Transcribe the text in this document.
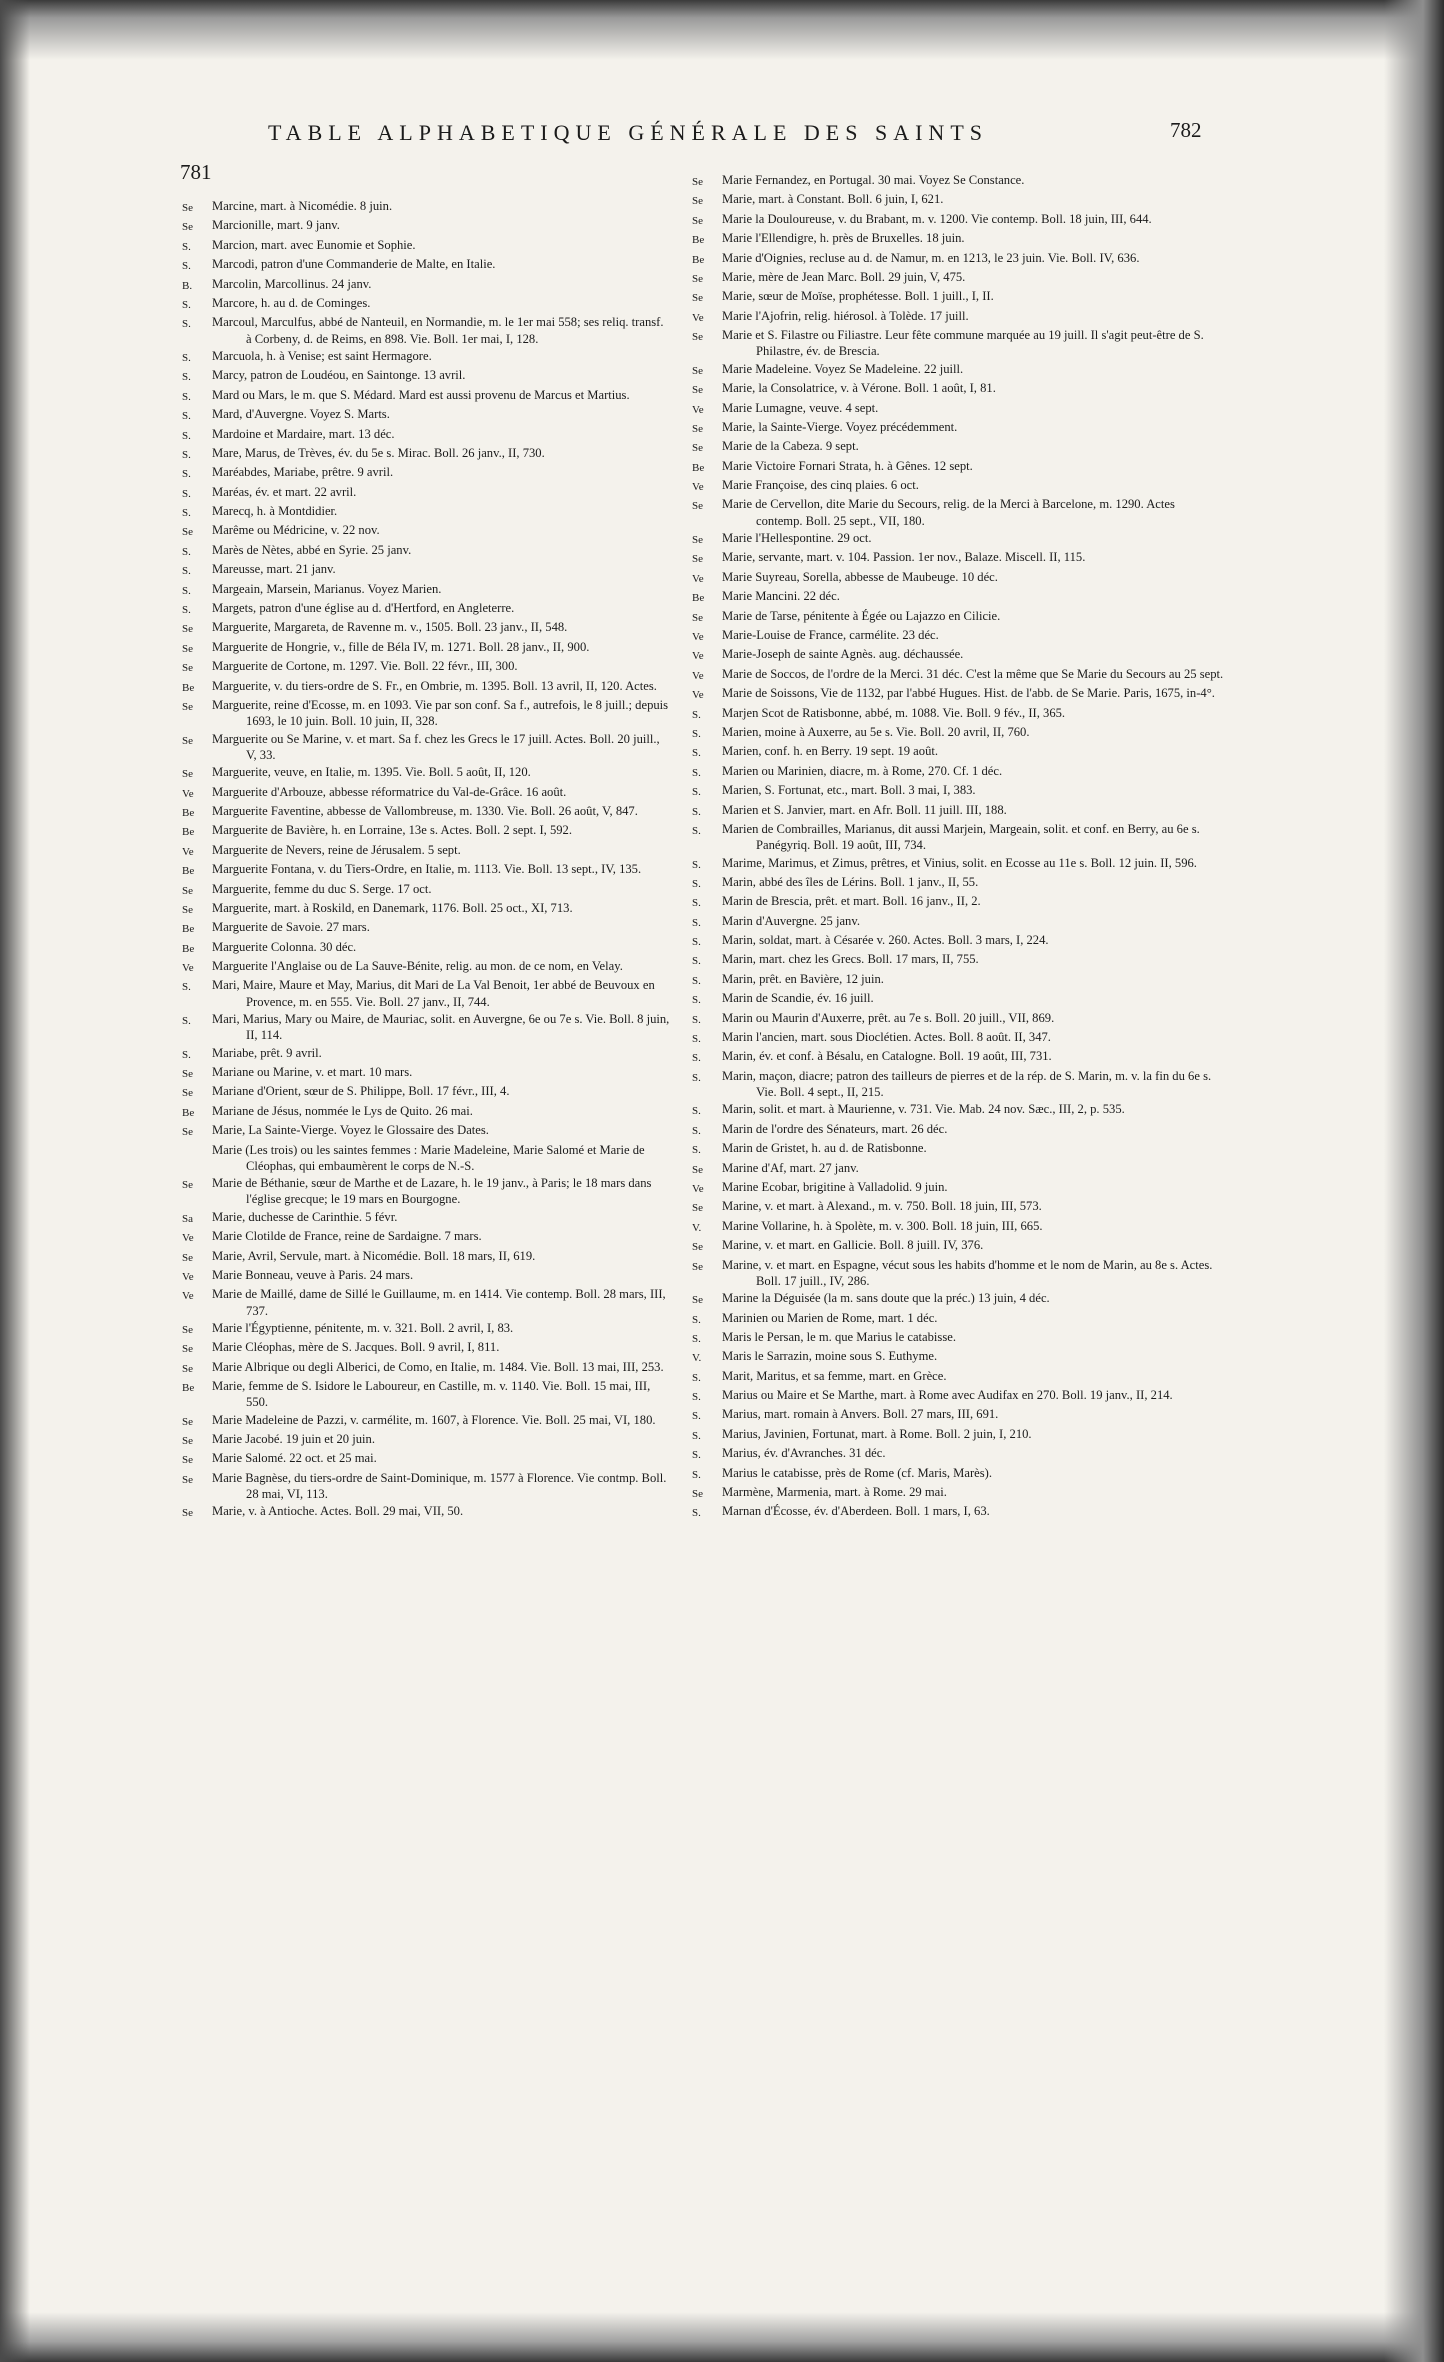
781
TABLE ALPHABETIQUE GÉNÉRALE DES SAINTS	782
Se	Marcine, mart. à Nicomédie. 8 juin.
Se	Marcionille, mart. 9 janv.
S.	Marcion, mart. avec Eunomie et Sophie.
S.	Marcodi, patron d'une Commanderie de Malte, en Italie.
B.	Marcolin, Marcollinus. 24 janv.
S.	Marcore, h. au d. de Cominges.
S.	Marcoul, Marculfus, abbé de Nanteuil, en Normandie, m. le 1er mai 558; ses reliq. transf. à Corbeny, d. de Reims, en 898. Vie. Boll. 1er mai, I, 128.
S.	Marcuola, h. à Venise; est saint Hermagore.
S.	Marcy, patron de Loudéou, en Saintonge. 13 avril.
S.	Mard ou Mars, le m. que S. Médard. Mard est aussi provenu de Marcus et Martius.
S.	Mard, d'Auvergne. Voyez S. Marts.
S.	Mardoine et Mardaire, mart. 13 déc.
S.	Mare, Marus, de Trèves, év. du 5e s. Mirac. Boll. 26 janv., II, 730.
S.	Maréabdes, Mariabe, prêtre. 9 avril.
S.	Maréas, év. et mart. 22 avril.
S.	Marecq, h. à Montdidier.
Se	Marême ou Médricine, v. 22 nov.
S.	Marès de Nètes, abbé en Syrie. 25 janv.
S.	Mareusse, mart. 21 janv.
S.	Margeain, Marsein, Marianus. Voyez Marien.
S.	Margets, patron d'une église au d. d'Hertford, en Angleterre.
Se	Marguerite, Margareta, de Ravenne m. v., 1505. Boll. 23 janv., II, 548.
Se	Marguerite de Hongrie, v., fille de Béla IV, m. 1271. Boll. 28 janv., II, 900.
Se	Marguerite de Cortone, m. 1297. Vie. Boll. 22 févr., III, 300.
Be	Marguerite, v. du tiers-ordre de S. Fr., en Ombrie, m. 1395. Boll. 13 avril, II, 120. Actes.
Se	Marguerite, reine d'Ecosse, m. en 1093. Vie par son conf. Sa f., autrefois, le 8 juill.; depuis 1693, le 10 juin. Boll. 10 juin, II, 328.
Se	Marguerite ou Se Marine, v. et mart. Sa f. chez les Grecs le 17 juill. Actes. Boll. 20 juill., V, 33.
Se	Marguerite, veuve, en Italie, m. 1395. Vie. Boll. 5 août, II, 120.
Ve	Marguerite d'Arbouze, abbesse réformatrice du Val-de-Grâce. 16 août.
Be	Marguerite Faventine, abbesse de Vallombreuse, m. 1330. Vie. Boll. 26 août, V, 847.
Be	Marguerite de Bavière, h. en Lorraine, 13e s. Actes. Boll. 2 sept. I, 592.
Ve	Marguerite de Nevers, reine de Jérusalem. 5 sept.
Be	Marguerite Fontana, v. du Tiers-Ordre, en Italie, m. 1113. Vie. Boll. 13 sept., IV, 135.
Se	Marguerite, femme du duc S. Serge. 17 oct.
Se	Marguerite, mart. à Roskild, en Danemark, 1176. Boll. 25 oct., XI, 713.
Be	Marguerite de Savoie. 27 mars.
Be	Marguerite Colonna. 30 déc.
Ve	Marguerite l'Anglaise ou de La Sauve-Bénite, relig. au mon. de ce nom, en Velay.
S.	Mari, Maire, Maure et May, Marius, dit Mari de La Val Benoit, 1er abbé de Beuvoux en Provence, m. en 555. Vie. Boll. 27 janv., II, 744.
S.	Mari, Marius, Mary ou Maire, de Mauriac, solit. en Auvergne, 6e ou 7e s. Vie. Boll. 8 juin, II, 114.
S.	Mariabe, prêt. 9 avril.
Se	Mariane ou Marine, v. et mart. 10 mars.
Se	Mariane d'Orient, sœur de S. Philippe, Boll. 17 févr., III, 4.
Be	Mariane de Jésus, nommée le Lys de Quito. 26 mai.
Se	Marie, La Sainte-Vierge. Voyez le Glossaire des Dates.
Marie (Les trois) ou les saintes femmes : Marie Madeleine, Marie Salomé et Marie de Cléophas, qui embaumèrent le corps de N.-S.
Se	Marie de Béthanie, sœur de Marthe et de Lazare, h. le 19 janv., à Paris; le 18 mars dans l'église grecque; le 19 mars en Bourgogne.
Sa	Marie, duchesse de Carinthie. 5 févr.
Ve	Marie Clotilde de France, reine de Sardaigne. 7 mars.
Se	Marie, Avril, Servule, mart. à Nicomédie. Boll. 18 mars, II, 619.
Ve	Marie Bonneau, veuve à Paris. 24 mars.
Ve	Marie de Maillé, dame de Sillé le Guillaume, m. en 1414. Vie contemp. Boll. 28 mars, III, 737.
Se	Marie l'Égyptienne, pénitente, m. v. 321. Boll. 2 avril, I, 83.
Se	Marie Cléophas, mère de S. Jacques. Boll. 9 avril, I, 811.
Se	Marie Albrique ou degli Alberici, de Como, en Italie, m. 1484. Vie. Boll. 13 mai, III, 253.
Be	Marie, femme de S. Isidore le Laboureur, en Castille, m. v. 1140. Vie. Boll. 15 mai, III, 550.
Se	Marie Madeleine de Pazzi, v. carmélite, m. 1607, à Florence. Vie. Boll. 25 mai, VI, 180.
Se	Marie Jacobé. 19 juin et 20 juin.
Se	Marie Salomé. 22 oct. et 25 mai.
Se	Marie Bagnèse, du tiers-ordre de Saint-Dominique, m. 1577 à Florence. Vie contmp. Boll. 28 mai, VI, 113.
Se	Marie, v. à Antioche. Actes. Boll. 29 mai, VII, 50.
Se	Marie Fernandez, en Portugal. 30 mai. Voyez Se Constance.
Se	Marie, mart. à Constant. Boll. 6 juin, I, 621.
Se	Marie la Douloureuse, v. du Brabant, m. v. 1200. Vie contemp. Boll. 18 juin, III, 644.
Be	Marie l'Ellendigre, h. près de Bruxelles. 18 juin.
Be	Marie d'Oignies, recluse au d. de Namur, m. en 1213, le 23 juin. Vie. Boll. IV, 636.
Se	Marie, mère de Jean Marc. Boll. 29 juin, V, 475.
Se	Marie, sœur de Moïse, prophétesse. Boll. 1 juill., I, II.
Ve	Marie l'Ajofrin, relig. hiérosol. à Tolède. 17 juill.
Se	Marie et S. Filastre ou Filiastre. Leur fête commune marquée au 19 juill. Il s'agit peut-être de S. Philastre, év. de Brescia.
Se	Marie Madeleine. Voyez Se Madeleine. 22 juill.
Se	Marie, la Consolatrice, v. à Vérone. Boll. 1 août, I, 81.
Ve	Marie Lumagne, veuve. 4 sept.
Se	Marie, la Sainte-Vierge. Voyez précédemment.
Se	Marie de la Cabeza. 9 sept.
Be	Marie Victoire Fornari Strata, h. à Gênes. 12 sept.
Ve	Marie Françoise, des cinq plaies. 6 oct.
Se	Marie de Cervellon, dite Marie du Secours, relig. de la Merci à Barcelone, m. 1290. Actes contemp. Boll. 25 sept., VII, 180.
Se	Marie l'Hellespontine. 29 oct.
Se	Marie, servante, mart. v. 104. Passion. 1er nov., Balaze. Miscell. II, 115.
Ve	Marie Suyreau, Sorella, abbesse de Maubeuge. 10 déc.
Be	Marie Mancini. 22 déc.
Se	Marie de Tarse, pénitente à Égée ou Lajazzo en Cilicie.
Ve	Marie-Louise de France, carmélite. 23 déc.
Ve	Marie-Joseph de sainte Agnès. aug. déchaussée.
Ve	Marie de Soccos, de l'ordre de la Merci. 31 déc. C'est la même que Se Marie du Secours au 25 sept.
Ve	Marie de Soissons, Vie de 1132, par l'abbé Hugues. Hist. de l'abb. de Se Marie. Paris, 1675, in-4°.
S.	Marjen Scot de Ratisbonne, abbé, m. 1088. Vie. Boll. 9 fév., II, 365.
S.	Marien, moine à Auxerre, au 5e s. Vie. Boll. 20 avril, II, 760.
S.	Marien, conf. h. en Berry. 19 sept. 19 août.
S.	Marien ou Marinien, diacre, m. à Rome, 270. Cf. 1 déc.
S.	Marien, S. Fortunat, etc., mart. Boll. 3 mai, I, 383.
S.	Marien et S. Janvier, mart. en Afr. Boll. 11 juill. III, 188.
S.	Marien de Combrailles, Marianus, dit aussi Marjein, Margeain, solit. et conf. en Berry, au 6e s. Panégyriq. Boll. 19 août, III, 734.
S.	Marime, Marimus, et Zimus, prêtres, et Vinius, solit. en Ecosse au 11e s. Boll. 12 juin. II, 596.
S.	Marin, abbé des îles de Lérins. Boll. 1 janv., II, 55.
S.	Marin de Brescia, prêt. et mart. Boll. 16 janv., II, 2.
S.	Marin d'Auvergne. 25 janv.
S.	Marin, soldat, mart. à Césarée v. 260. Actes. Boll. 3 mars, I, 224.
S.	Marin, mart. chez les Grecs. Boll. 17 mars, II, 755.
S.	Marin, prêt. en Bavière, 12 juin.
S.	Marin de Scandie, év. 16 juill.
S.	Marin ou Maurin d'Auxerre, prêt. au 7e s. Boll. 20 juill., VII, 869.
S.	Marin l'ancien, mart. sous Dioclétien. Actes. Boll. 8 août. II, 347.
S.	Marin, év. et conf. à Bésalu, en Catalogne. Boll. 19 août, III, 731.
S.	Marin, maçon, diacre; patron des tailleurs de pierres et de la rép. de S. Marin, m. v. la fin du 6e s. Vie. Boll. 4 sept., II, 215.
S.	Marin, solit. et mart. à Maurienne, v. 731. Vie. Mab. 24 nov. Sæc., III, 2, p. 535.
S.	Marin de l'ordre des Sénateurs, mart. 26 déc.
S.	Marin de Gristet, h. au d. de Ratisbonne.
Se	Marine d'Af, mart. 27 janv.
Ve	Marine Ecobar, brigitine à Valladolid. 9 juin.
Se	Marine, v. et mart. à Alexand., m. v. 750. Boll. 18 juin, III, 573.
V.	Marine Vollarine, h. à Spolète, m. v. 300. Boll. 18 juin, III, 665.
Se	Marine, v. et mart. en Gallicie. Boll. 8 juill. IV, 376.
Se	Marine, v. et mart. en Espagne, vécut sous les habits d'homme et le nom de Marin, au 8e s. Actes. Boll. 17 juill., IV, 286.
Se	Marine la Déguisée (la m. sans doute que la préc.) 13 juin, 4 déc.
S.	Marinien ou Marien de Rome, mart. 1 déc.
S.	Maris le Persan, le m. que Marius le catabisse.
V.	Maris le Sarrazin, moine sous S. Euthyme.
S.	Marit, Maritus, et sa femme, mart. en Grèce.
S.	Marius ou Maire et Se Marthe, mart. à Rome avec Audifax en 270. Boll. 19 janv., II, 214.
S.	Marius, mart. romain à Anvers. Boll. 27 mars, III, 691.
S.	Marius, Javinien, Fortunat, mart. à Rome. Boll. 2 juin, I, 210.
S.	Marius, év. d'Avranches. 31 déc.
S.	Marius le catabisse, près de Rome (cf. Maris, Marès).
Se	Marmène, Marmenia, mart. à Rome. 29 mai.
S.	Marnan d'Écosse, év. d'Aberdeen. Boll. 1 mars, I, 63.
